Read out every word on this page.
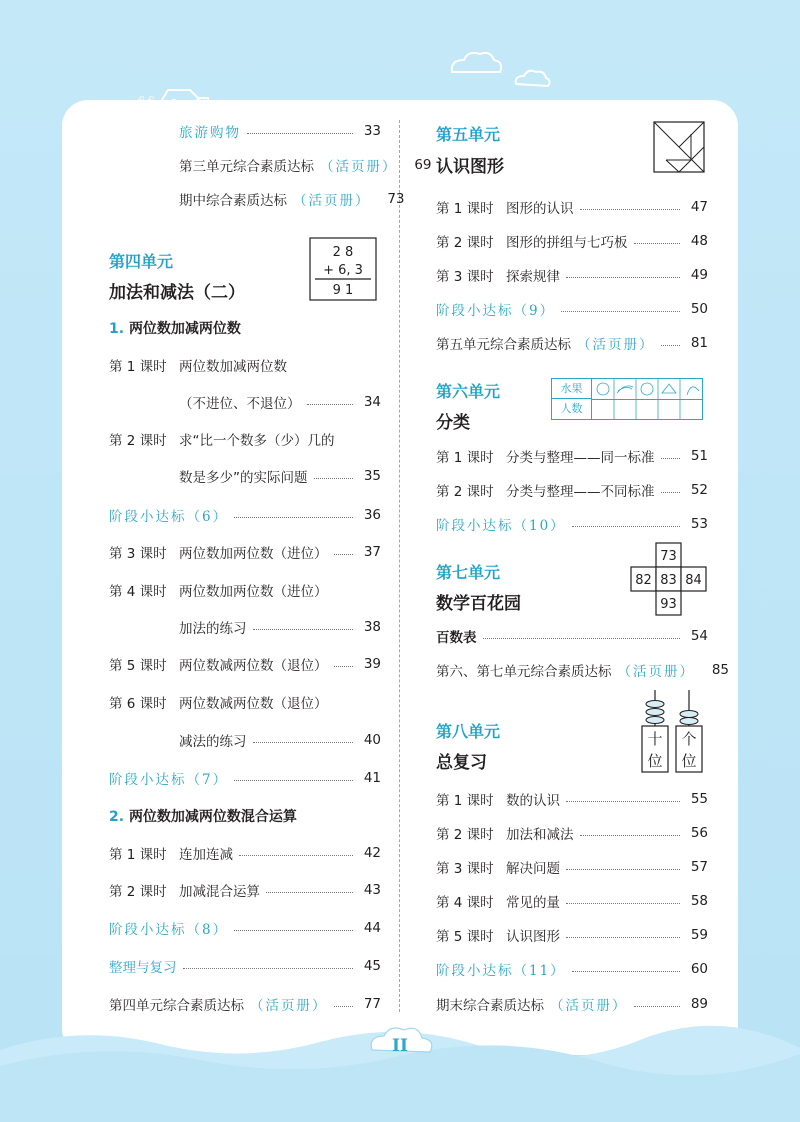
第四单元
加法和减法（二）
2 8
+ 6, 3
9 1
1. 两位数加减两位数
2. 两位数加减两位数混合运算
第五单元
认识图形
第六单元
分类
水果
人数
第七单元
数学百花园
73
82 83 84
93
第八单元
总复习
十
位
个
位
II
旅游购物	33
第三单元综合素质达标 （活页册）	69
期中综合素质达标 （活页册）	73
第 1 课时 两位数加减两位数
（不进位、不退位）	34
第 2 课时 求“比一个数多（少）几的
数是多少”的实际问题	35
阶段小达标（6）	36
第 3 课时 两位数加两位数（进位）	37
第 4 课时 两位数加两位数（进位）
加法的练习	38
第 5 课时 两位数减两位数（退位）	39
第 6 课时 两位数减两位数（退位）
减法的练习	40
阶段小达标（7）	41
第 1 课时 连加连减	42
第 2 课时 加减混合运算	43
阶段小达标（8）	44
整理与复习	45
第四单元综合素质达标 （活页册）	77
第 1 课时 图形的认识	47
第 2 课时 图形的拼组与七巧板	48
第 3 课时 探索规律	49
阶段小达标（9）	50
第五单元综合素质达标 （活页册）	81
第 1 课时 分类与整理——同一标准	51
第 2 课时 分类与整理——不同标准	52
阶段小达标（10）	53
百数表	54
第六、第七单元综合素质达标 （活页册）	85
第 1 课时 数的认识	55
第 2 课时 加法和减法	56
第 3 课时 解决问题	57
第 4 课时 常见的量	58
第 5 课时 认识图形	59
阶段小达标（11）	60
期末综合素质达标 （活页册）	89
